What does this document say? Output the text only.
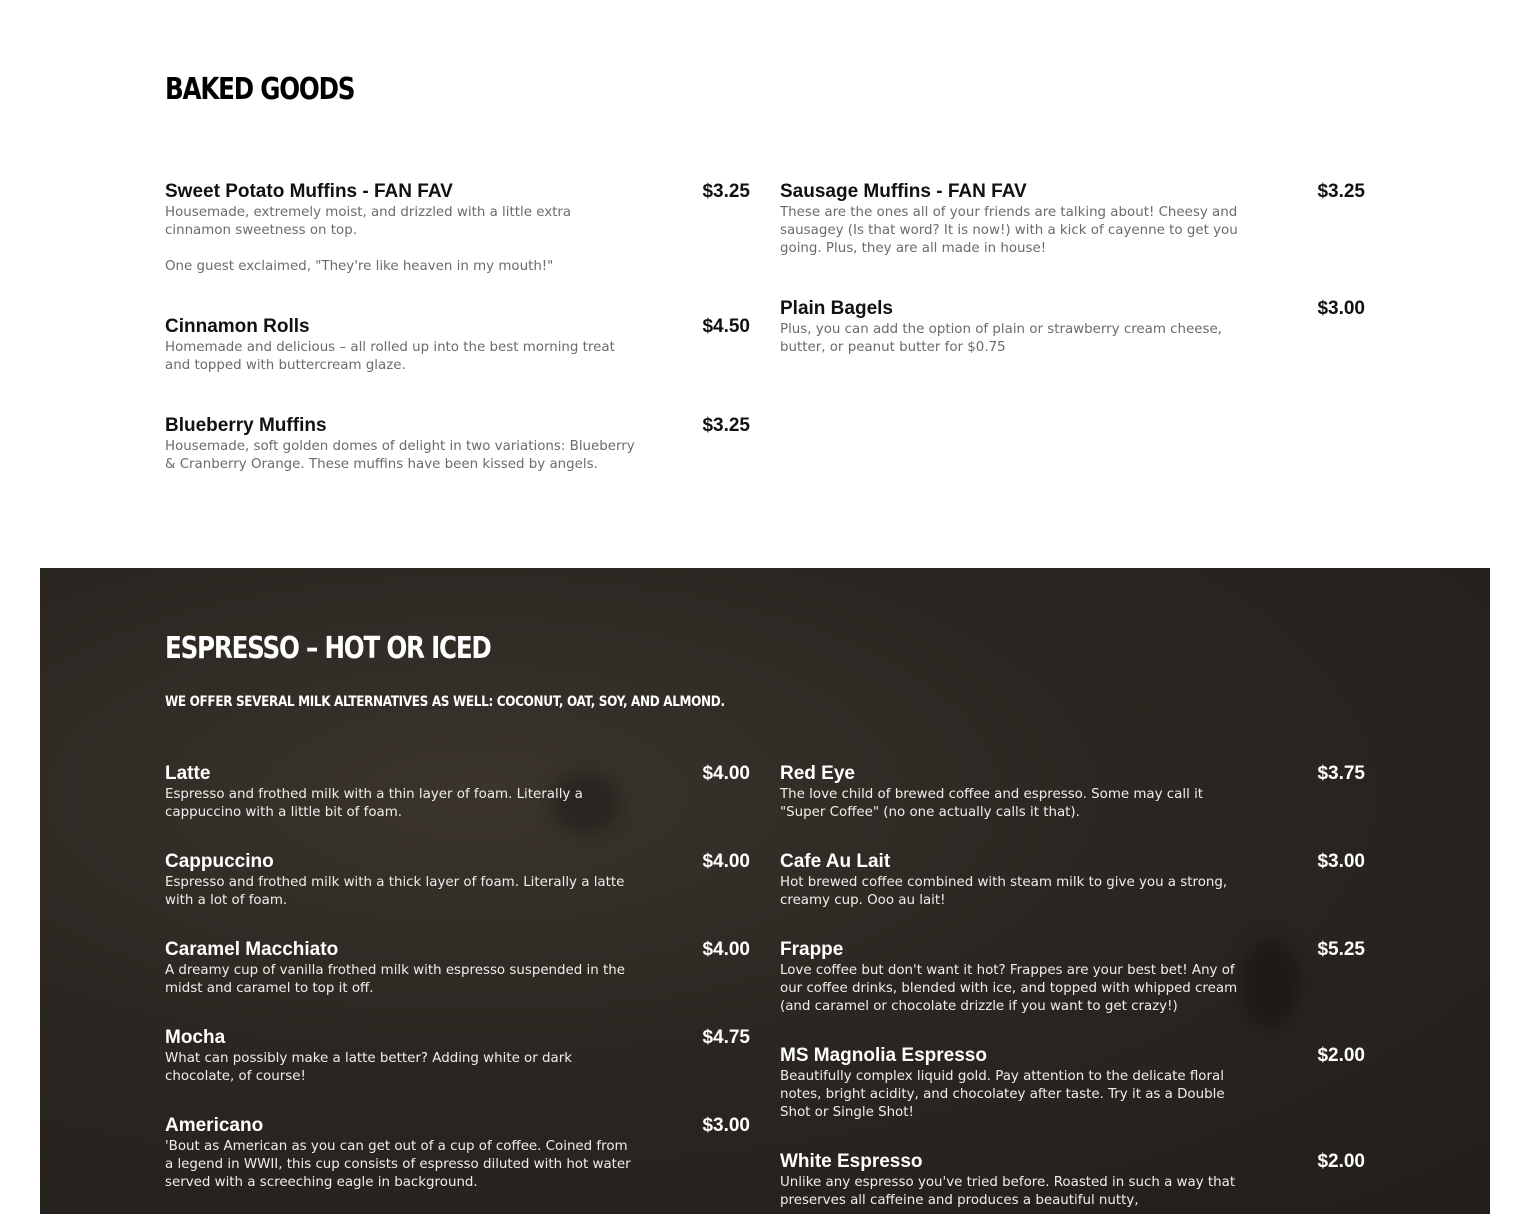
BAKED GOODS
Sweet Potato Muffins - FAN FAV	$3.25
Housemade, extremely moist, and drizzled with a little extra cinnamon sweetness on top.

One guest exclaimed, "They're like heaven in my mouth!"
Cinnamon Rolls	$4.50
Homemade and delicious – all rolled up into the best morning treat and topped with buttercream glaze.
Blueberry Muffins	$3.25
Housemade, soft golden domes of delight in two variations: Blueberry & Cranberry Orange. These muffins have been kissed by angels.
Sausage Muffins - FAN FAV	$3.25
These are the ones all of your friends are talking about! Cheesy and sausagey (Is that word? It is now!) with a kick of cayenne to get you going. Plus, they are all made in house!
Plain Bagels	$3.00
Plus, you can add the option of plain or strawberry cream cheese, butter, or peanut butter for $0.75
ESPRESSO – HOT OR ICED
WE OFFER SEVERAL MILK ALTERNATIVES AS WELL: COCONUT, OAT, SOY, AND ALMOND.
Latte	$4.00
Espresso and frothed milk with a thin layer of foam. Literally a cappuccino with a little bit of foam.
Cappuccino	$4.00
Espresso and frothed milk with a thick layer of foam. Literally a latte with a lot of foam.
Caramel Macchiato	$4.00
A dreamy cup of vanilla frothed milk with espresso suspended in the midst and caramel to top it off.
Mocha	$4.75
What can possibly make a latte better? Adding white or dark chocolate, of course!
Americano	$3.00
'Bout as American as you can get out of a cup of coffee. Coined from a legend in WWII, this cup consists of espresso diluted with hot water served with a screeching eagle in background.
Red Eye	$3.75
The love child of brewed coffee and espresso. Some may call it "Super Coffee" (no one actually calls it that).
Cafe Au Lait	$3.00
Hot brewed coffee combined with steam milk to give you a strong, creamy cup. Ooo au lait!
Frappe	$5.25
Love coffee but don't want it hot? Frappes are your best bet! Any of our coffee drinks, blended with ice, and topped with whipped cream (and caramel or chocolate drizzle if you want to get crazy!)
MS Magnolia Espresso	$2.00
Beautifully complex liquid gold. Pay attention to the delicate floral notes, bright acidity, and chocolatey after taste. Try it as a Double Shot or Single Shot!
White Espresso	$2.00
Unlike any espresso you've tried before. Roasted in such a way that preserves all caffeine and produces a beautiful nutty,
